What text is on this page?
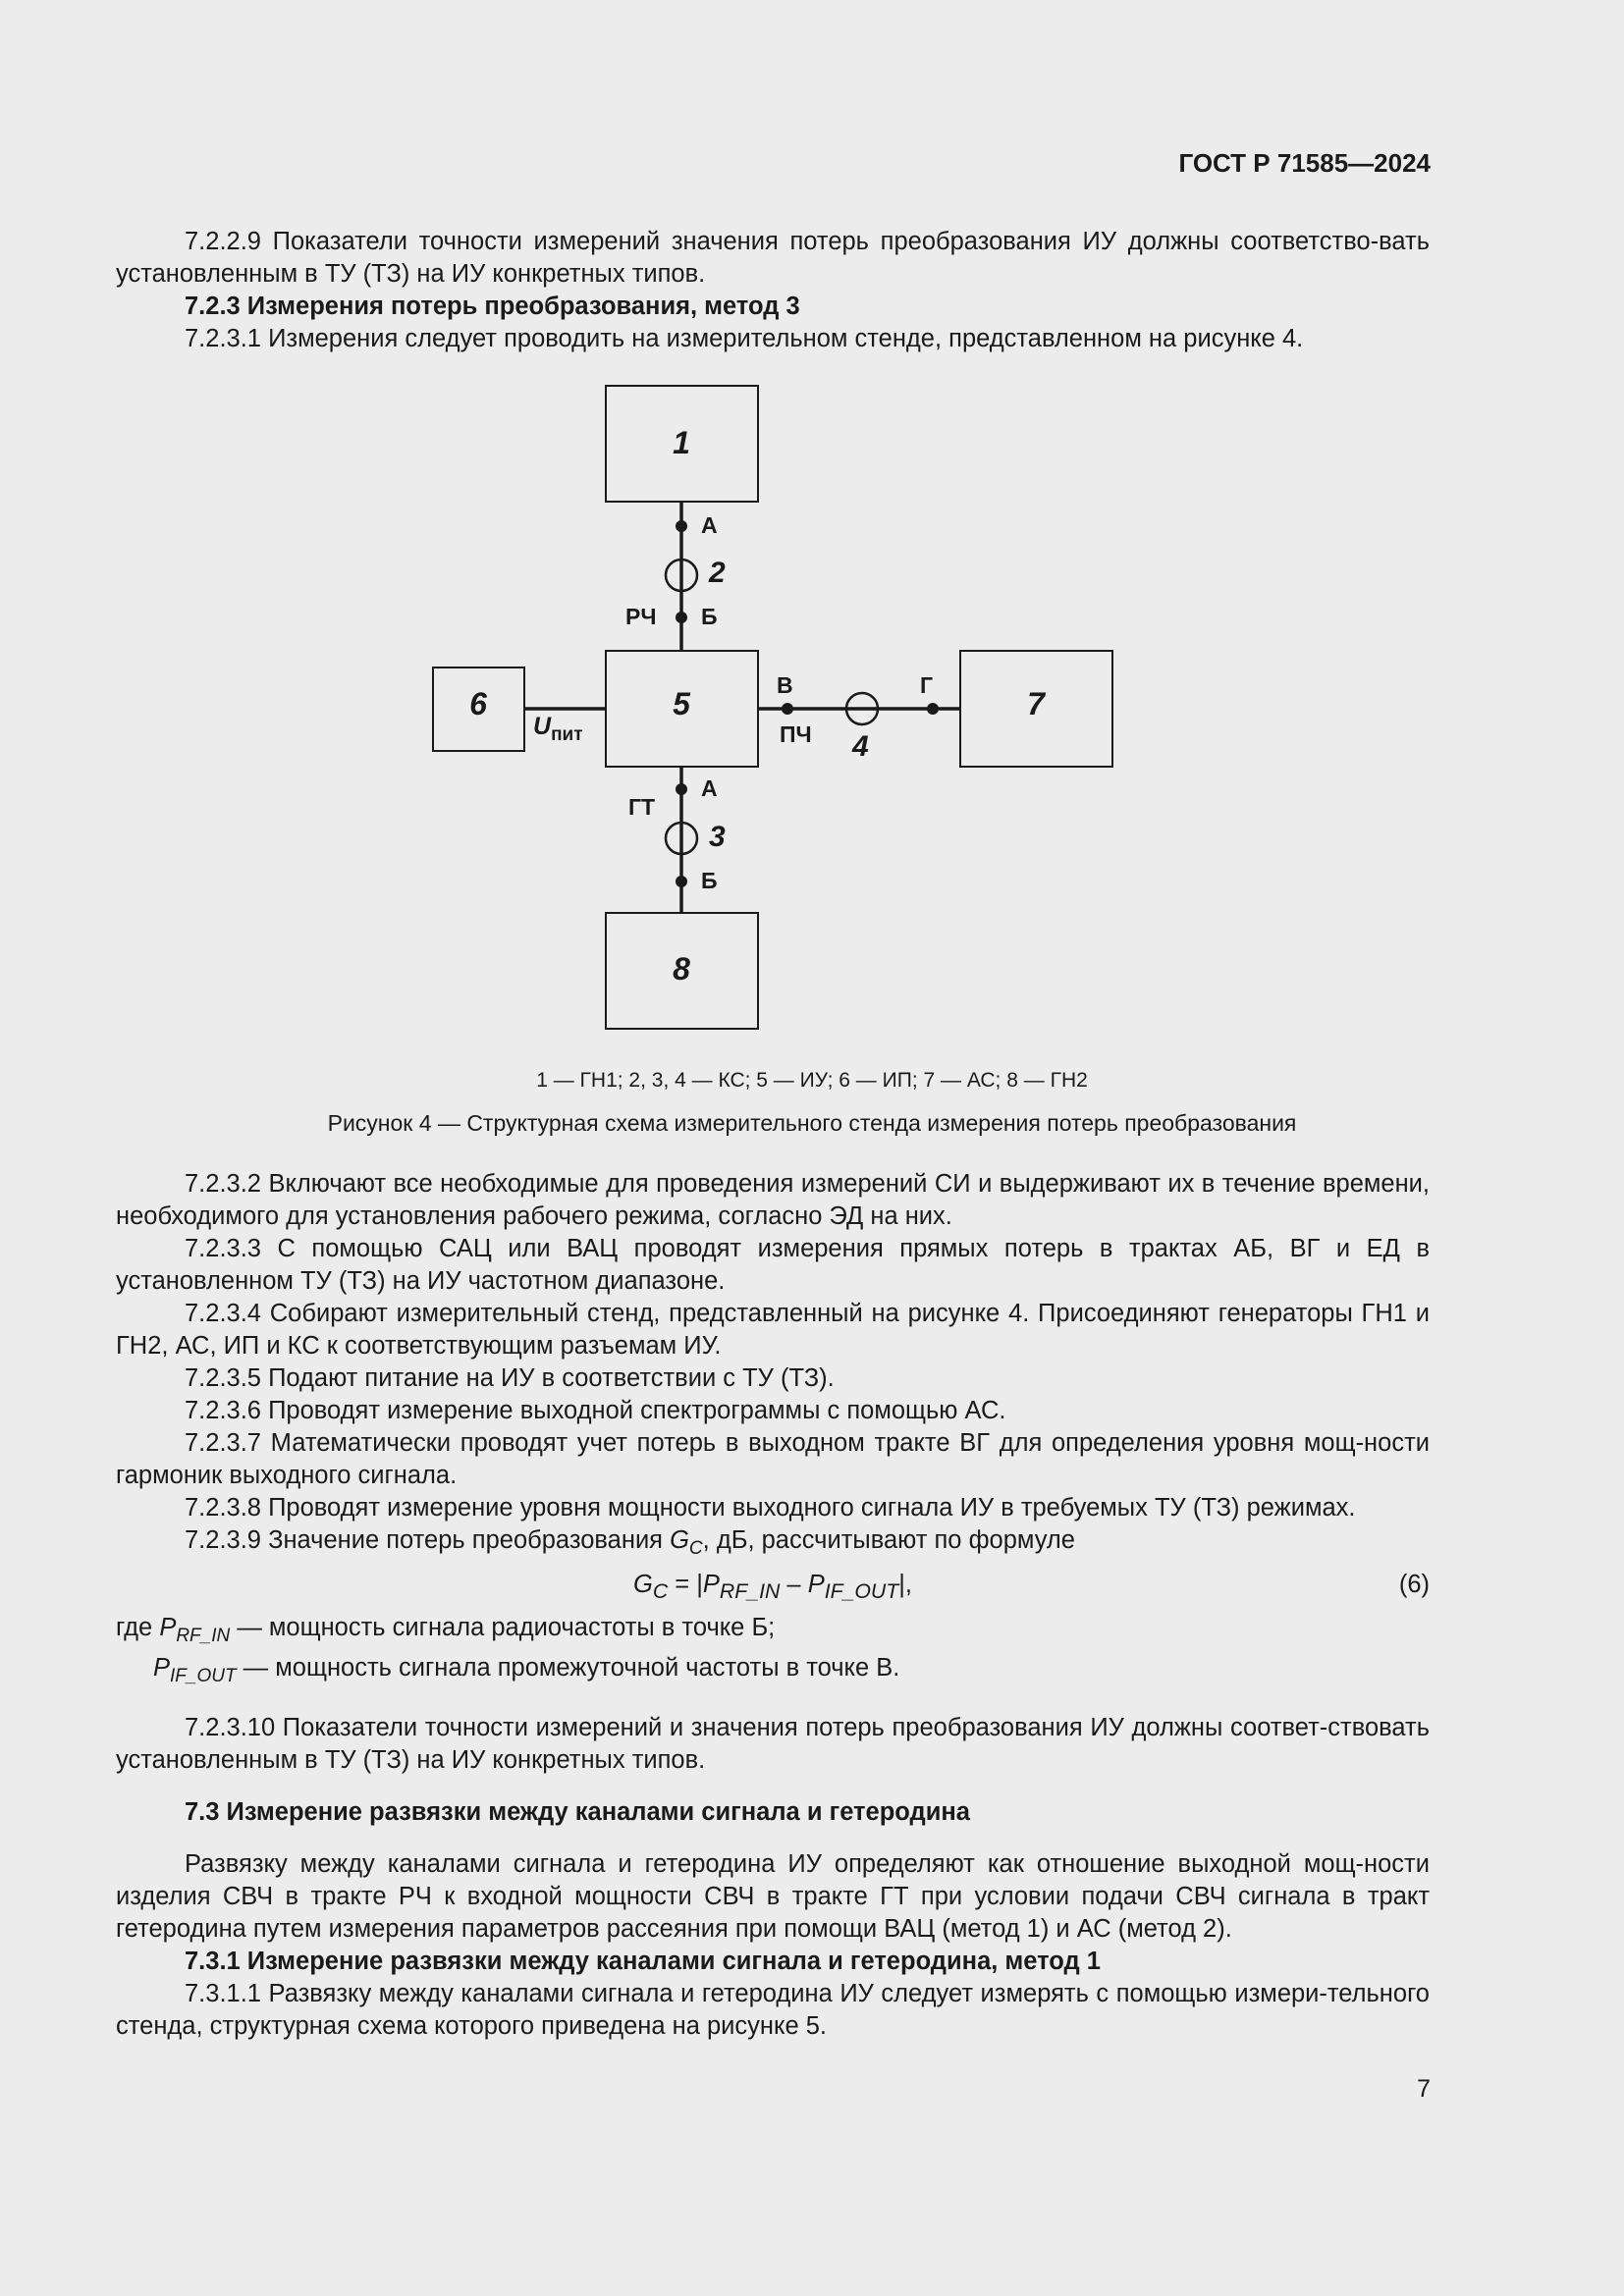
ГОСТ Р 71585—2024

7.2.2.9 Показатели точности измерений значения потерь преобразования ИУ должны соответство-вать установленным в ТУ (ТЗ) на ИУ конкретных типов.

7.2.3 Измерения потерь преобразования, метод 3

7.2.3.1 Измерения следует проводить на измерительном стенде, представленном на рисунке 4.

1
5
6	7
8
А
Б
РЧ
В	Г
ПЧ
ГТ
А
Б
$U_{пит}$
2
4
3
1 — ГН1; 2, 3, 4 — КС; 5 — ИУ; 6 — ИП; 7 — АС; 8 — ГН2
Рисунок 4 — Структурная схема измерительного стенда измерения потерь преобразования

7.2.3.2 Включают все необходимые для проведения измерений СИ и выдерживают их в течение времени, необходимого для установления рабочего режима, согласно ЭД на них.

7.2.3.3 С помощью САЦ или ВАЦ проводят измерения прямых потерь в трактах АБ, ВГ и ЕД в установленном ТУ (ТЗ) на ИУ частотном диапазоне.

7.2.3.4 Собирают измерительный стенд, представленный на рисунке 4. Присоединяют генераторы ГН1 и ГН2, АС, ИП и КС к соответствующим разъемам ИУ.

7.2.3.5 Подают питание на ИУ в соответствии с ТУ (ТЗ).

7.2.3.6 Проводят измерение выходной спектрограммы с помощью АС.

7.2.3.7 Математически проводят учет потерь в выходном тракте ВГ для определения уровня мощ-ности гармоник выходного сигнала.

7.2.3.8 Проводят измерение уровня мощности выходного сигнала ИУ в требуемых ТУ (ТЗ) режимах.

7.2.3.9 Значение потерь преобразования $G_C$, дБ, рассчитывают по формуле

$G_C = |P_{RF\_IN} - P_{IF\_OUT}|$,	(6)
где $P_{RF\_IN}$ — мощность сигнала радиочастоты в точке Б;
$P_{IF\_OUT}$ — мощность сигнала промежуточной частоты в точке В.

7.2.3.10 Показатели точности измерений и значения потерь преобразования ИУ должны соответ-ствовать установленным в ТУ (ТЗ) на ИУ конкретных типов.

7.3 Измерение развязки между каналами сигнала и гетеродина

Развязку между каналами сигнала и гетеродина ИУ определяют как отношение выходной мощ-ности изделия СВЧ в тракте РЧ к входной мощности СВЧ в тракте ГТ при условии подачи СВЧ сигнала в тракт гетеродина путем измерения параметров рассеяния при помощи ВАЦ (метод 1) и АС (метод 2).

7.3.1 Измерение развязки между каналами сигнала и гетеродина, метод 1

7.3.1.1 Развязку между каналами сигнала и гетеродина ИУ следует измерять с помощью измери-тельного стенда, структурная схема которого приведена на рисунке 5.

7
